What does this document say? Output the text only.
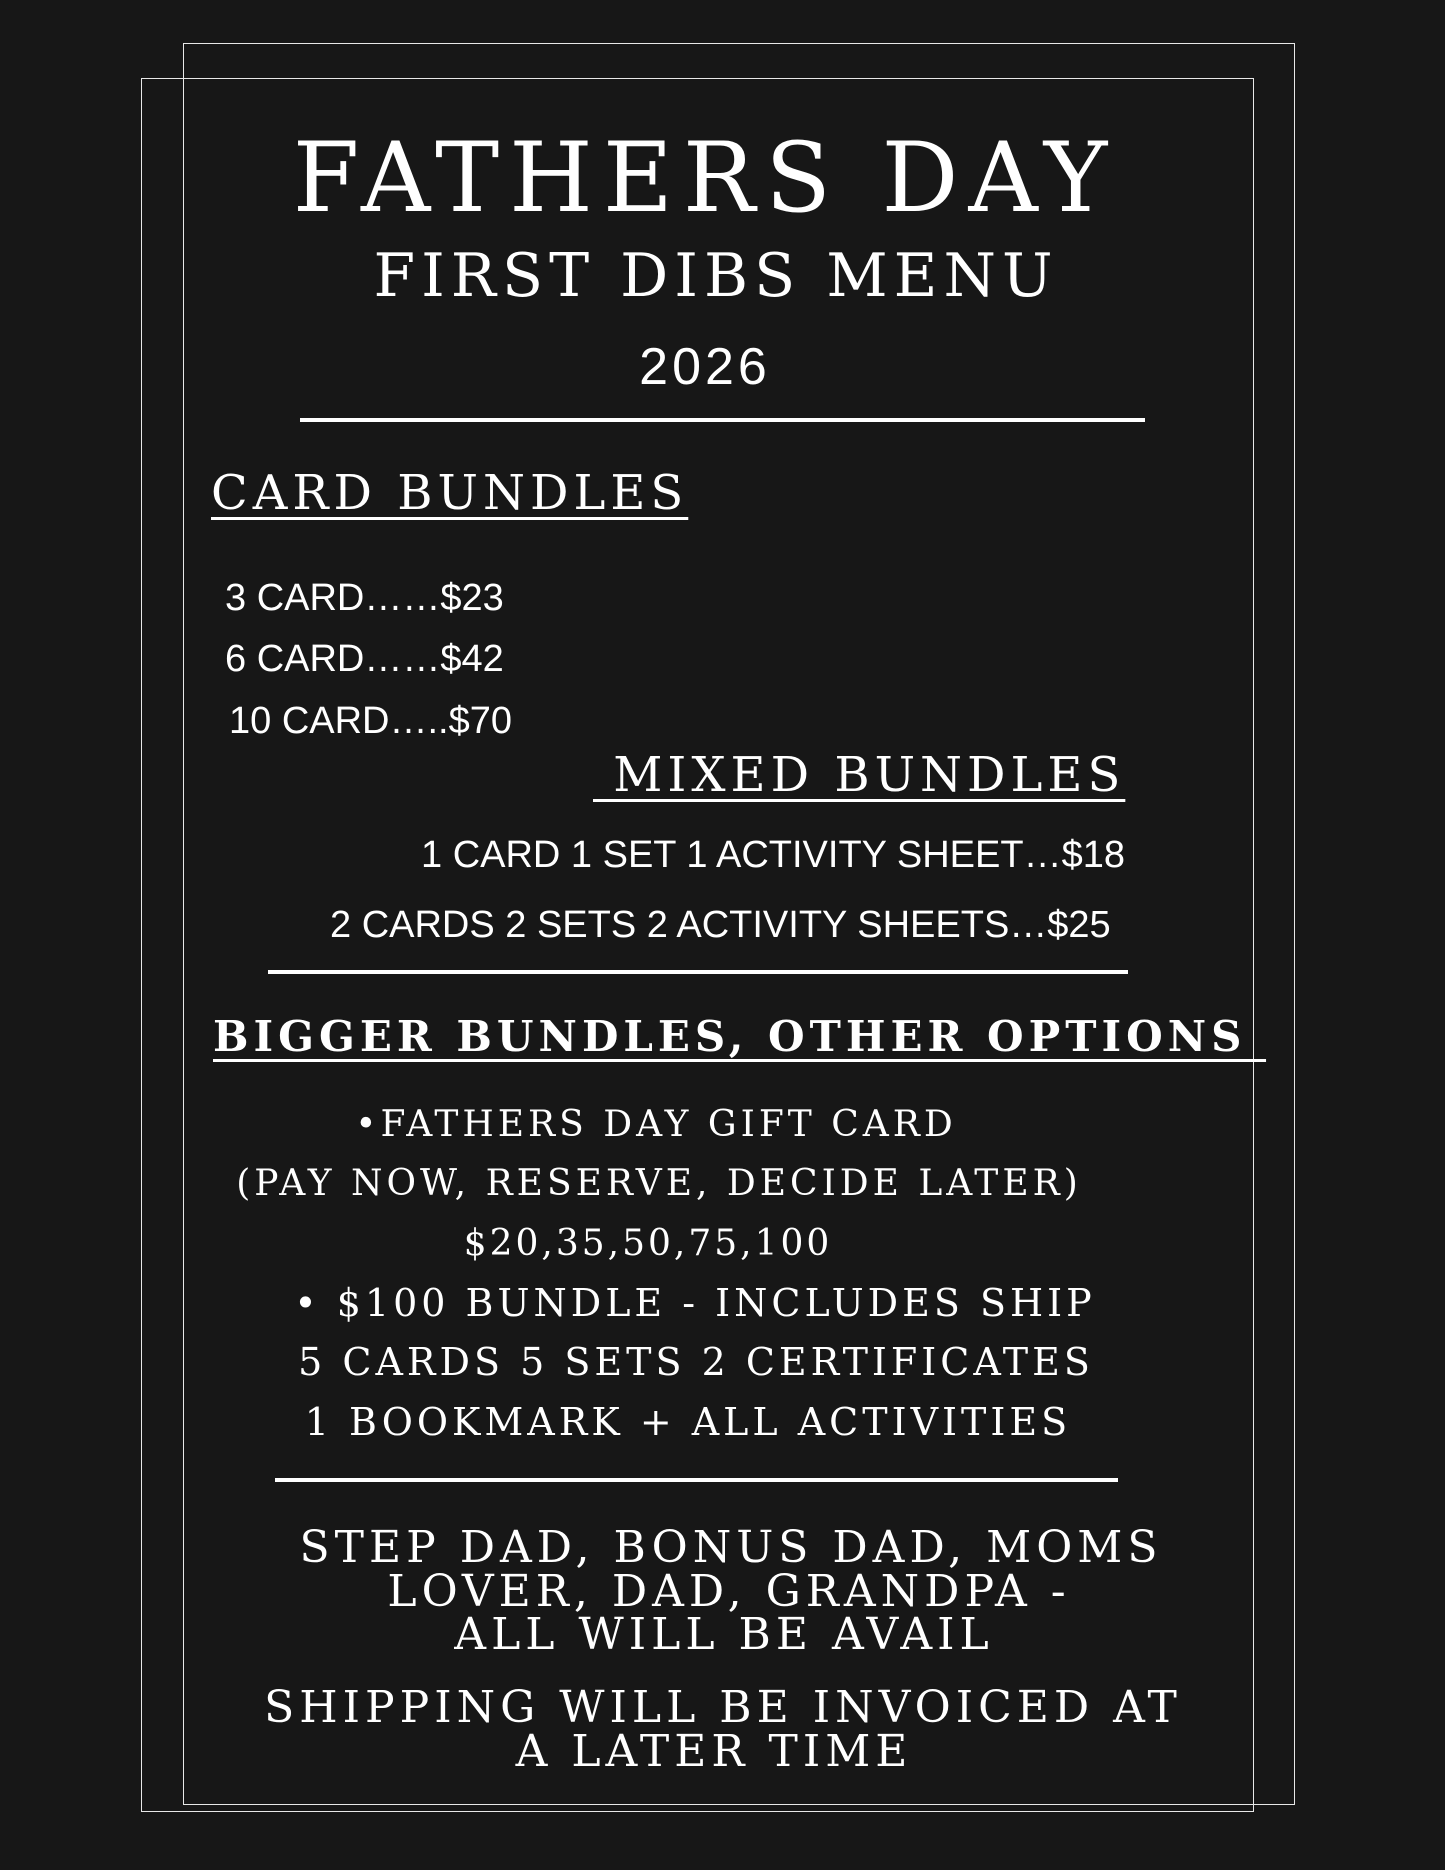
FATHERS DAY
FIRST DIBS MENU
2026
CARD BUNDLES
3 CARD……$23
6 CARD……$42
10 CARD…..$70
MIXED BUNDLES
1 CARD 1 SET 1 ACTIVITY SHEET…$18
2 CARDS 2 SETS 2 ACTIVITY SHEETS…$25
BIGGER BUNDLES, OTHER OPTIONS
•FATHERS DAY GIFT CARD
(PAY NOW, RESERVE, DECIDE LATER)
$20,35,50,75,100
• $100 BUNDLE - INCLUDES SHIP
5 CARDS 5 SETS 2 CERTIFICATES
1 BOOKMARK + ALL ACTIVITIES
STEP DAD, BONUS DAD, MOMS
LOVER, DAD, GRANDPA -
ALL WILL BE AVAIL
SHIPPING WILL BE INVOICED AT
A LATER TIME
